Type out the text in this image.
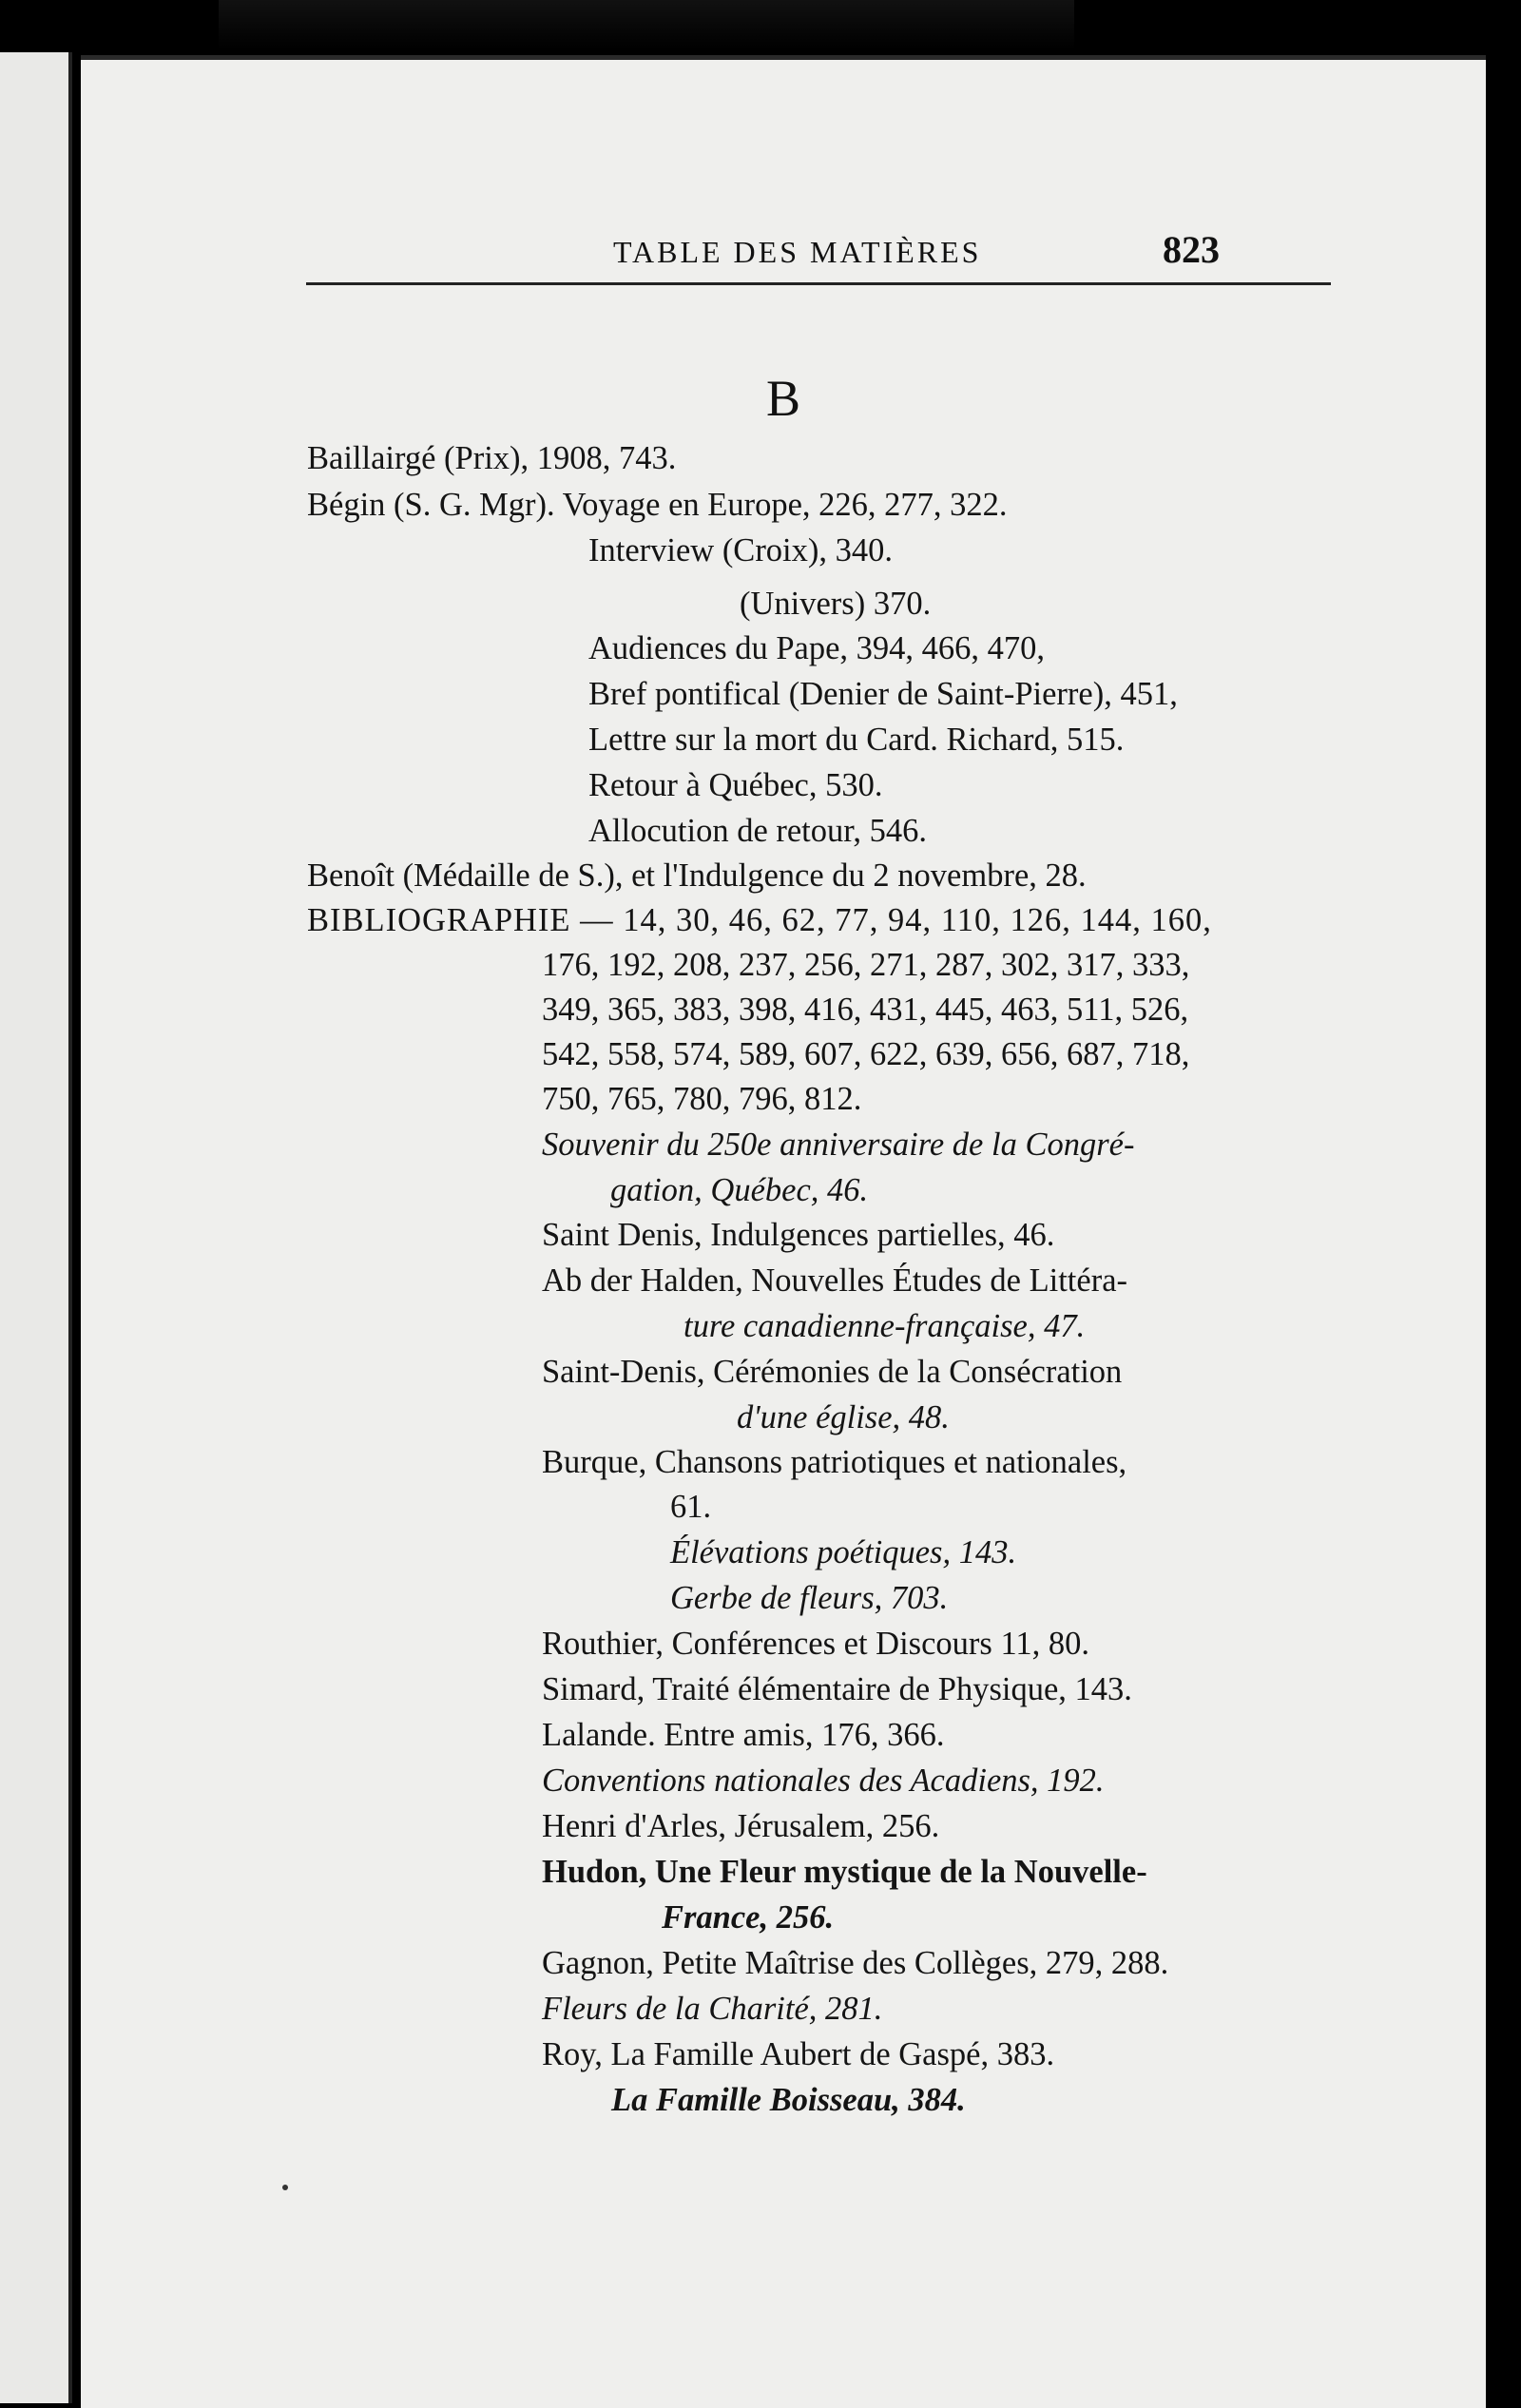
TABLE DES MATIÈRES	823
B
Baillairgé (Prix), 1908, 743.
Bégin (S. G. Mgr). Voyage en Europe, 226, 277, 322.
Interview (Croix), 340.
(Univers) 370.
Audiences du Pape, 394, 466, 470,
Bref pontifical (Denier de Saint-Pierre), 451,
Lettre sur la mort du Card. Richard, 515.
Retour à Québec, 530.
Allocution de retour, 546.
Benoît (Médaille de S.), et l'Indulgence du 2 novembre, 28.
BIBLIOGRAPHIE — 14, 30, 46, 62, 77, 94, 110, 126, 144, 160,
176, 192, 208, 237, 256, 271, 287, 302, 317, 333,
349, 365, 383, 398, 416, 431, 445, 463, 511, 526,
542, 558, 574, 589, 607, 622, 639, 656, 687, 718,
750, 765, 780, 796, 812.
Souvenir du 250e anniversaire de la Congré-
gation, Québec, 46.
Saint Denis, Indulgences partielles, 46.
Ab der Halden, Nouvelles Études de Littéra-
ture canadienne-française, 47.
Saint-Denis, Cérémonies de la Consécration
d'une église, 48.
Burque, Chansons patriotiques et nationales,
61.
Élévations poétiques, 143.
Gerbe de fleurs, 703.
Routhier, Conférences et Discours 11, 80.
Simard, Traité élémentaire de Physique, 143.
Lalande. Entre amis, 176, 366.
Conventions nationales des Acadiens, 192.
Henri d'Arles, Jérusalem, 256.
Hudon, Une Fleur mystique de la Nouvelle-
France, 256.
Gagnon, Petite Maîtrise des Collèges, 279, 288.
Fleurs de la Charité, 281.
Roy, La Famille Aubert de Gaspé, 383.
La Famille Boisseau, 384.
